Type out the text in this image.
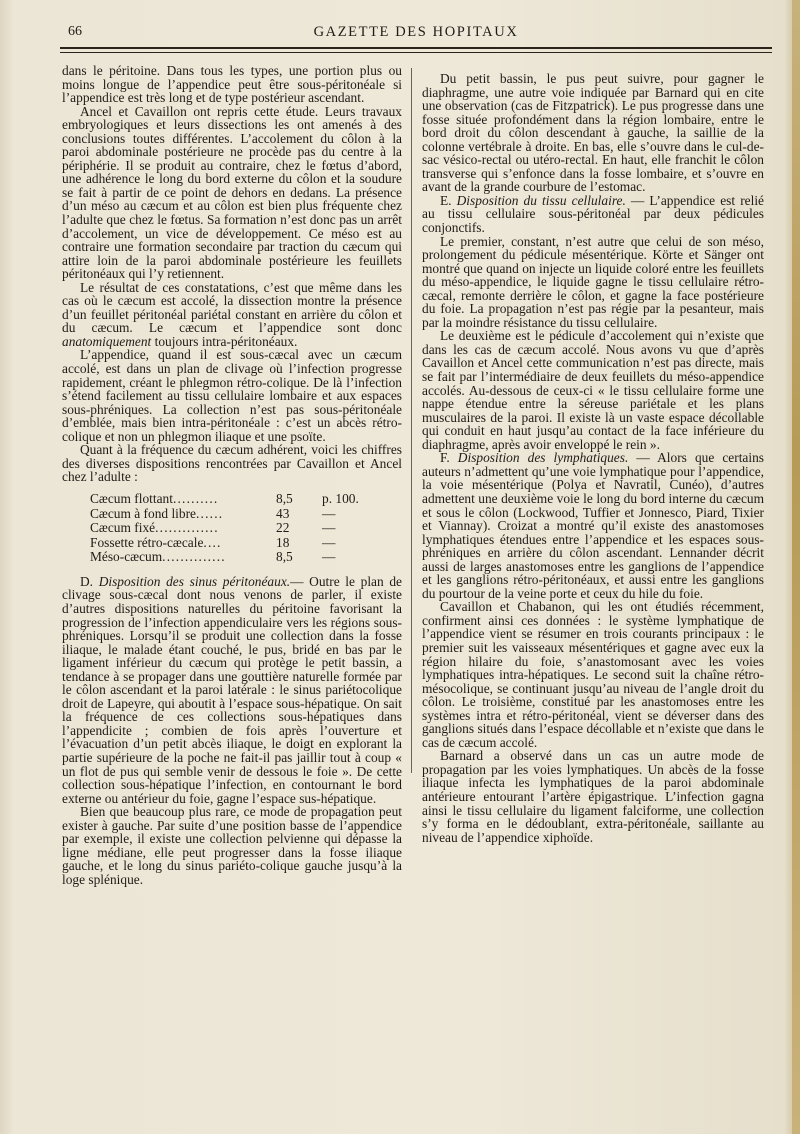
66	GAZETTE DES HOPITAUX

dans le péritoine. Dans tous les types, une portion plus ou moins longue de l’appendice peut être sous-péritonéale si l’appendice est très long et de type postérieur ascendant.

Ancel et Cavaillon ont repris cette étude. Leurs travaux embryologiques et leurs dissections les ont amenés à des conclusions toutes différentes. L’accolement du côlon à la paroi abdominale postérieure ne procède pas du centre à la périphérie. Il se produit au contraire, chez le fœtus d’abord, une adhérence le long du bord externe du côlon et la soudure se fait à partir de ce point de dehors en dedans. La présence d’un méso au cæcum et au côlon est bien plus fréquente chez l’adulte que chez le fœtus. Sa formation n’est donc pas un arrêt d’accolement, un vice de développement. Ce méso est au contraire une formation secondaire par traction du cæcum qui attire loin de la paroi abdominale postérieure les feuillets péritonéaux qui l’y retiennent.

Le résultat de ces constatations, c’est que même dans les cas où le cæcum est accolé, la dissection montre la présence d’un feuillet péritonéal pariétal constant en arrière du côlon et du cæcum. Le cæcum et l’appendice sont donc anatomiquement toujours intra-péritonéaux.

L’appendice, quand il est sous-cæcal avec un cæcum accolé, est dans un plan de clivage où l’infection progresse rapidement, créant le phlegmon rétro-colique. De là l’infection s’étend facilement au tissu cellulaire lombaire et aux espaces sous-phréniques. La collection n’est pas sous-péritonéale d’emblée, mais bien intra-péritonéale : c’est un abcès rétro-colique et non un phlegmon iliaque et une psoïte.

Quant à la fréquence du cæcum adhérent, voici les chiffres des diverses dispositions rencontrées par Cavaillon et Ancel chez l’adulte :

Cæcum flottant ..........	8,5	p. 100.
Cæcum à fond libre ......	43	—
Cæcum fixé ..............	22	—
Fossette rétro-cæcale ....	18	—
Méso-cæcum ..............	8,5	—

D. Disposition des sinus péritonéaux.— Outre le plan de clivage sous-cæcal dont nous venons de parler, il existe d’autres dispositions naturelles du péritoine favorisant la progression de l’infection appendiculaire vers les régions sous-phréniques. Lorsqu’il se produit une collection dans la fosse iliaque, le malade étant couché, le pus, bridé en bas par le ligament inférieur du cæcum qui protège le petit bassin, a tendance à se propager dans une gouttière naturelle formée par le côlon ascendant et la paroi latérale : le sinus pariétocolique droit de Lapeyre, qui aboutit à l’espace sous-hépatique. On sait la fréquence de ces collections sous-hépatiques dans l’appendicite ; combien de fois après l’ouverture et l’évacuation d’un petit abcès iliaque, le doigt en explorant la partie supérieure de la poche ne fait-il pas jaillir tout à coup « un flot de pus qui semble venir de dessous le foie ». De cette collection sous-hépatique l’infection, en contournant le bord externe ou antérieur du foie, gagne l’espace sus-hépatique.

Bien que beaucoup plus rare, ce mode de propagation peut exister à gauche. Par suite d’une position basse de l’appendice par exemple, il existe une collection pelvienne qui dépasse la ligne médiane, elle peut progresser dans la fosse iliaque gauche, et le long du sinus pariéto-colique gauche jusqu’à la loge splénique.

Du petit bassin, le pus peut suivre, pour gagner le diaphragme, une autre voie indiquée par Barnard qui en cite une observation (cas de Fitzpatrick). Le pus progresse dans une fosse située profondément dans la région lombaire, entre le bord droit du côlon descendant à gauche, la saillie de la colonne vertébrale à droite. En bas, elle s’ouvre dans le cul-de-sac vésico-rectal ou utéro-rectal. En haut, elle franchit le côlon transverse qui s’enfonce dans la fosse lombaire, et s’ouvre en avant de la grande courbure de l’estomac.

E. Disposition du tissu cellulaire. — L’appendice est relié au tissu cellulaire sous-péritonéal par deux pédicules conjonctifs.

Le premier, constant, n’est autre que celui de son méso, prolongement du pédicule mésentérique. Körte et Sänger ont montré que quand on injecte un liquide coloré entre les feuillets du méso-appendice, le liquide gagne le tissu cellulaire rétro-cæcal, remonte derrière le côlon, et gagne la face postérieure du foie. La propagation n’est pas régie par la pesanteur, mais par la moindre résistance du tissu cellulaire.

Le deuxième est le pédicule d’accolement qui n’existe que dans les cas de cæcum accolé. Nous avons vu que d’après Cavaillon et Ancel cette communication n’est pas directe, mais se fait par l’intermédiaire de deux feuillets du méso-appendice accolés. Au-dessous de ceux-ci « le tissu cellulaire forme une nappe étendue entre la séreuse pariétale et les plans musculaires de la paroi. Il existe là un vaste espace décollable qui conduit en haut jusqu’au contact de la face inférieure du diaphragme, après avoir enveloppé le rein ».

F. Disposition des lymphatiques. — Alors que certains auteurs n’admettent qu’une voie lymphatique pour l’appendice, la voie mésentérique (Polya et Navratil, Cunéo), d’autres admettent une deuxième voie le long du bord interne du cæcum et sous le côlon (Lockwood, Tuffier et Jonnesco, Piard, Tixier et Viannay). Croizat a montré qu’il existe des anastomoses lymphatiques étendues entre l’appendice et les espaces sous-phréniques en arrière du côlon ascendant. Lennander décrit aussi de larges anastomoses entre les ganglions de l’appendice et les ganglions rétro-péritonéaux, et aussi entre les ganglions du pourtour de la veine porte et ceux du hile du foie.

Cavaillon et Chabanon, qui les ont étudiés récemment, confirment ainsi ces données : le système lymphatique de l’appendice vient se résumer en trois courants principaux : le premier suit les vaisseaux mésentériques et gagne avec eux la région hilaire du foie, s’anastomosant avec les voies lymphatiques intra-hépatiques. Le second suit la chaîne rétro-mésocolique, se continuant jusqu’au niveau de l’angle droit du côlon. Le troisième, constitué par les anastomoses entre les systèmes intra et rétro-péritonéal, vient se déverser dans des ganglions situés dans l’espace décollable et n’existe que dans le cas de cæcum accolé.

Barnard a observé dans un cas un autre mode de propagation par les voies lymphatiques. Un abcès de la fosse iliaque infecta les lymphatiques de la paroi abdominale antérieure entourant l’artère épigastrique. L’infection gagna ainsi le tissu cellulaire du ligament falciforme, une collection s’y forma en le dédoublant, extra-péritonéale, saillante au niveau de l’appendice xiphoïde.
